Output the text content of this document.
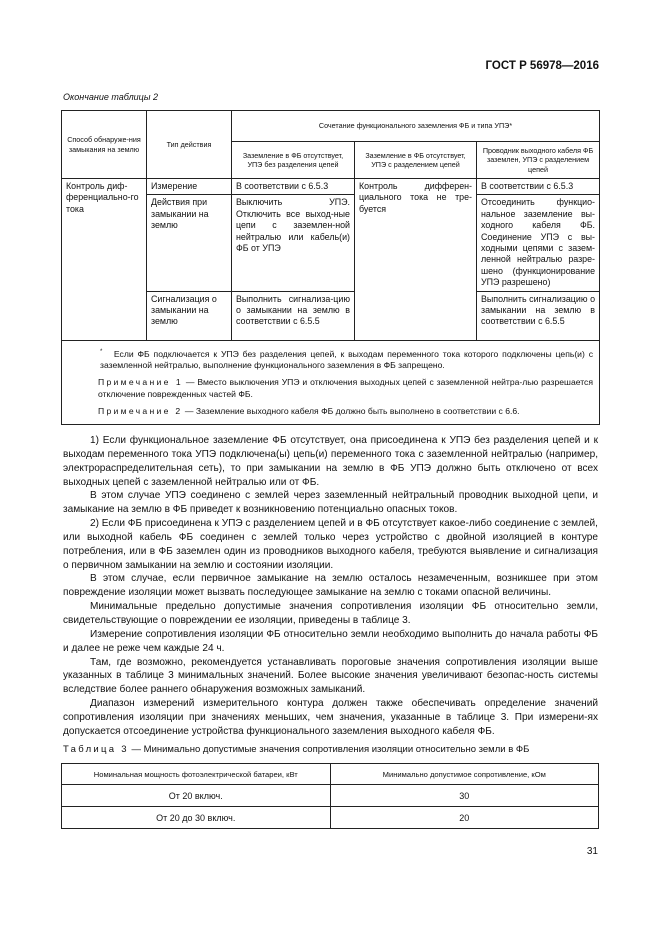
ГОСТ Р 56978—2016
Окончание таблицы 2
Способ обнаруже-ния замыкания на землю	Тип действия	Сочетание функционального заземления ФБ и типа УПЭ*		
		Заземление в ФБ отсутствует, УПЭ без разделения цепей	Заземление в ФБ отсутствует, УПЭ с разделением цепей	Проводник выходного кабеля ФБ заземлен, УПЭ с разделением цепей
Контроль диф-ференциально-го тока	Измерение	В соответствии с 6.5.3	Контроль дифферен-циального тока не тре-буется	В соответствии с 6.5.3
	Действия при замыкании на землю	Выключить УПЭ. Отключить все выход-ные цепи с заземлен-ной нейтралью или кабель(и) ФБ от УПЭ		Отсоединить функцио-нальное заземление вы-ходного кабеля ФБ. Соединение УПЭ с вы-ходными цепями с зазем-ленной нейтралью разре-шено (функционирование УПЭ разрешено)
	Сигнализация о замыкании на землю	Выполнить сигнализа-цию о замыкании на землю в соответствии с 6.5.5		Выполнить сигнализацию о замыкании на землю в соответствии с 6.5.5

* Если ФБ подключается к УПЭ без разделения цепей, к выходам переменного тока которого подключены цепь(и) с заземленной нейтралью, выполнение функционального заземления в ФБ запрещено.

Примечание 1 — Вместо выключения УПЭ и отключения выходных цепей с заземленной нейтра-лью разрешается отключение поврежденных частей ФБ.

Примечание 2 — Заземление выходного кабеля ФБ должно быть выполнено в соответствии с 6.6.				

1) Если функциональное заземление ФБ отсутствует, она присоединена к УПЭ без разделения цепей и к выходам переменного тока УПЭ подключена(ы) цепь(и) переменного тока с заземленной нейтралью (например, электрораспределительная сеть), то при замыкании на землю в ФБ УПЭ должно быть отключено от всех выходных цепей с заземленной нейтралью или от ФБ.

В этом случае УПЭ соединено с землей через заземленный нейтральный проводник выходной цепи, и замыкание на землю в ФБ приведет к возникновению потенциально опасных токов.

2) Если ФБ присоединена к УПЭ с разделением цепей и в ФБ отсутствует какое-либо соединение с землей, или выходной кабель ФБ соединен с землей только через устройство с двойной изоляцией в контуре потребления, или в ФБ заземлен один из проводников выходного кабеля, требуются выявление и сигнализация о первичном замыкании на землю и состоянии изоляции.

В этом случае, если первичное замыкание на землю осталось незамеченным, возникшее при этом повреждение изоляции может вызвать последующее замыкание на землю с токами опасной величины.

Минимальные предельно допустимые значения сопротивления изоляции ФБ относительно земли, свидетельствующие о повреждении ее изоляции, приведены в таблице 3.

Измерение сопротивления изоляции ФБ относительно земли необходимо выполнить до начала работы ФБ и далее не реже чем каждые 24 ч.

Там, где возможно, рекомендуется устанавливать пороговые значения сопротивления изоляции выше указанных в таблице 3 минимальных значений. Более высокие значения увеличивают безопас-ность системы вследствие более раннего обнаружения возможных замыканий.

Диапазон измерений измерительного контура должен также обеспечивать определение значений сопротивления изоляции при значениях меньших, чем значения, указанные в таблице 3. При измерени-ях допускается отсоединение устройства функционального заземления выходного кабеля ФБ.

Таблица 3 — Минимально допустимые значения сопротивления изоляции относительно земли в ФБ
Номинальная мощность фотоэлектрической батареи, кВт	Минимально допустимое сопротивление, кОм
От 20 включ.	30
От 20 до 30 включ.	20
31
